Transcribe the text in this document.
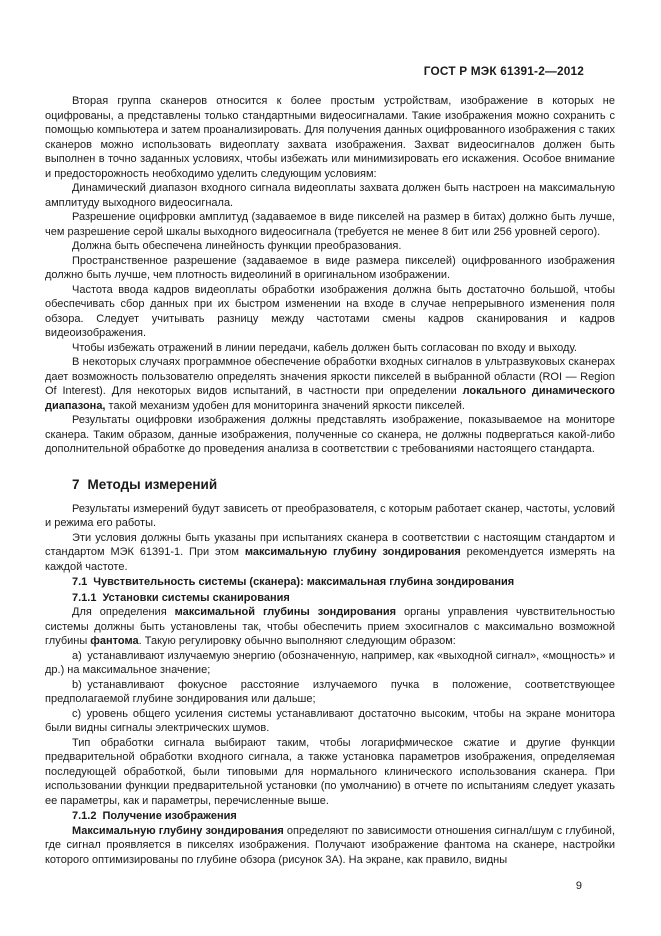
ГОСТ Р МЭК 61391-2—2012

Вторая группа сканеров относится к более простым устройствам, изображение в которых не оцифрованы, а представлены только стандартными видеосигналами. Такие изображения можно сохранить с помощью компьютера и затем проанализировать. Для получения данных оцифрованного изображения с таких сканеров можно использовать видеоплату захвата изображения. Захват видеосигналов должен быть выполнен в точно заданных условиях, чтобы избежать или минимизировать его искажения. Особое внимание и предосторожность необходимо уделить следующим условиям:

Динамический диапазон входного сигнала видеоплаты захвата должен быть настроен на максимальную амплитуду выходного видеосигнала.

Разрешение оцифровки амплитуд (задаваемое в виде пикселей на размер в битах) должно быть лучше, чем разрешение серой шкалы выходного видеосигнала (требуется не менее 8 бит или 256 уровней серого).

Должна быть обеспечена линейность функции преобразования.

Пространственное разрешение (задаваемое в виде размера пикселей) оцифрованного изображения должно быть лучше, чем плотность видеолиний в оригинальном изображении.

Частота ввода кадров видеоплаты обработки изображения должна быть достаточно большой, чтобы обеспечивать сбор данных при их быстром изменении на входе в случае непрерывного изменения поля обзора. Следует учитывать разницу между частотами смены кадров сканирования и кадров видеоизображения.

Чтобы избежать отражений в линии передачи, кабель должен быть согласован по входу и выходу.

В некоторых случаях программное обеспечение обработки входных сигналов в ультразвуковых сканерах дает возможность пользователю определять значения яркости пикселей в выбранной области (ROI — Region Of Interest). Для некоторых видов испытаний, в частности при определении локального динамического диапазона, такой механизм удобен для мониторинга значений яркости пикселей.

Результаты оцифровки изображения должны представлять изображение, показываемое на мониторе сканера. Таким образом, данные изображения, полученные со сканера, не должны подвергаться какой-либо дополнительной обработке до проведения анализа в соответствии с требованиями настоящего стандарта.

7 Методы измерений

Результаты измерений будут зависеть от преобразователя, с которым работает сканер, частоты, условий и режима его работы.

Эти условия должны быть указаны при испытаниях сканера в соответствии с настоящим стандартом и стандартом МЭК 61391-1. При этом максимальную глубину зондирования рекомендуется измерять на каждой частоте.

7.1 Чувствительность системы (сканера): максимальная глубина зондирования

7.1.1 Установки системы сканирования

Для определения максимальной глубины зондирования органы управления чувствительностью системы должны быть установлены так, чтобы обеспечить прием эхосигналов с максимально возможной глубины фантома. Такую регулировку обычно выполняют следующим образом:

a) устанавливают излучаемую энергию (обозначенную, например, как «выходной сигнал», «мощность» и др.) на максимальное значение;

b) устанавливают фокусное расстояние излучаемого пучка в положение, соответствующее предполагаемой глубине зондирования или дальше;

c) уровень общего усиления системы устанавливают достаточно высоким, чтобы на экране монитора были видны сигналы электрических шумов.

Тип обработки сигнала выбирают таким, чтобы логарифмическое сжатие и другие функции предварительной обработки входного сигнала, а также установка параметров изображения, определяемая последующей обработкой, были типовыми для нормального клинического использования сканера. При использовании функции предварительной установки (по умолчанию) в отчете по испытаниям следует указать ее параметры, как и параметры, перечисленные выше.

7.1.2 Получение изображения

Максимальную глубину зондирования определяют по зависимости отношения сигнал/шум с глубиной, где сигнал проявляется в пикселях изображения. Получают изображение фантома на сканере, настройки которого оптимизированы по глубине обзора (рисунок 3А). На экране, как правило, видны

9
